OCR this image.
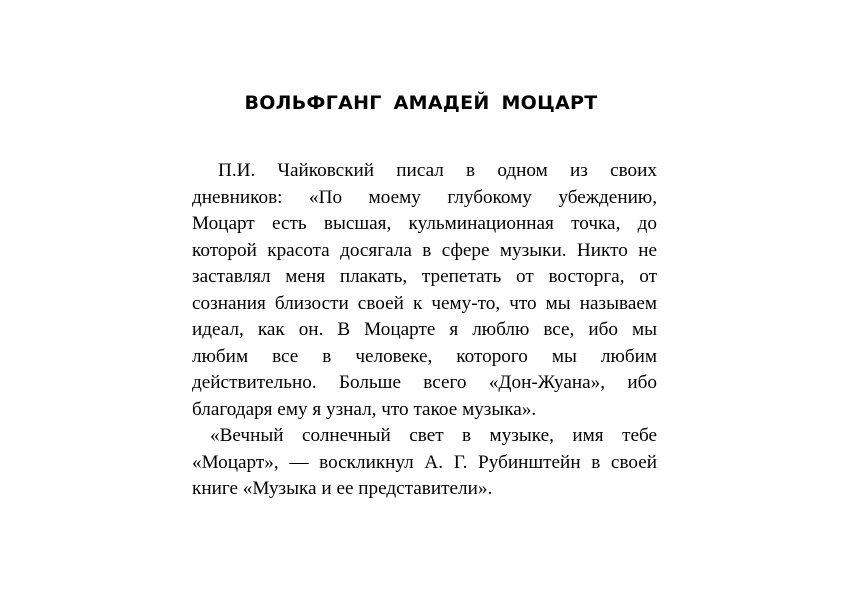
ВОЛЬФГАНГ АМАДЕЙ МОЦАРТ
П.И. Чайковский писал в одном из своих
дневников: «По моему глубокому убеждению,
Моцарт есть высшая, кульминационная точка, до
которой красота досягала в сфере музыки. Никто не
заставлял меня плакать, трепетать от восторга, от
сознания близости своей к чему-то, что мы называем
идеал, как он. В Моцарте я люблю все, ибо мы
любим все в человеке, которого мы любим
действительно. Больше всего «Дон-Жуана», ибо
благодаря ему я узнал, что такое музыка».
«Вечный солнечный свет в музыке, имя тебе
«Моцарт», — воскликнул А. Г. Рубинштейн в своей
книге «Музыка и ее представители».
